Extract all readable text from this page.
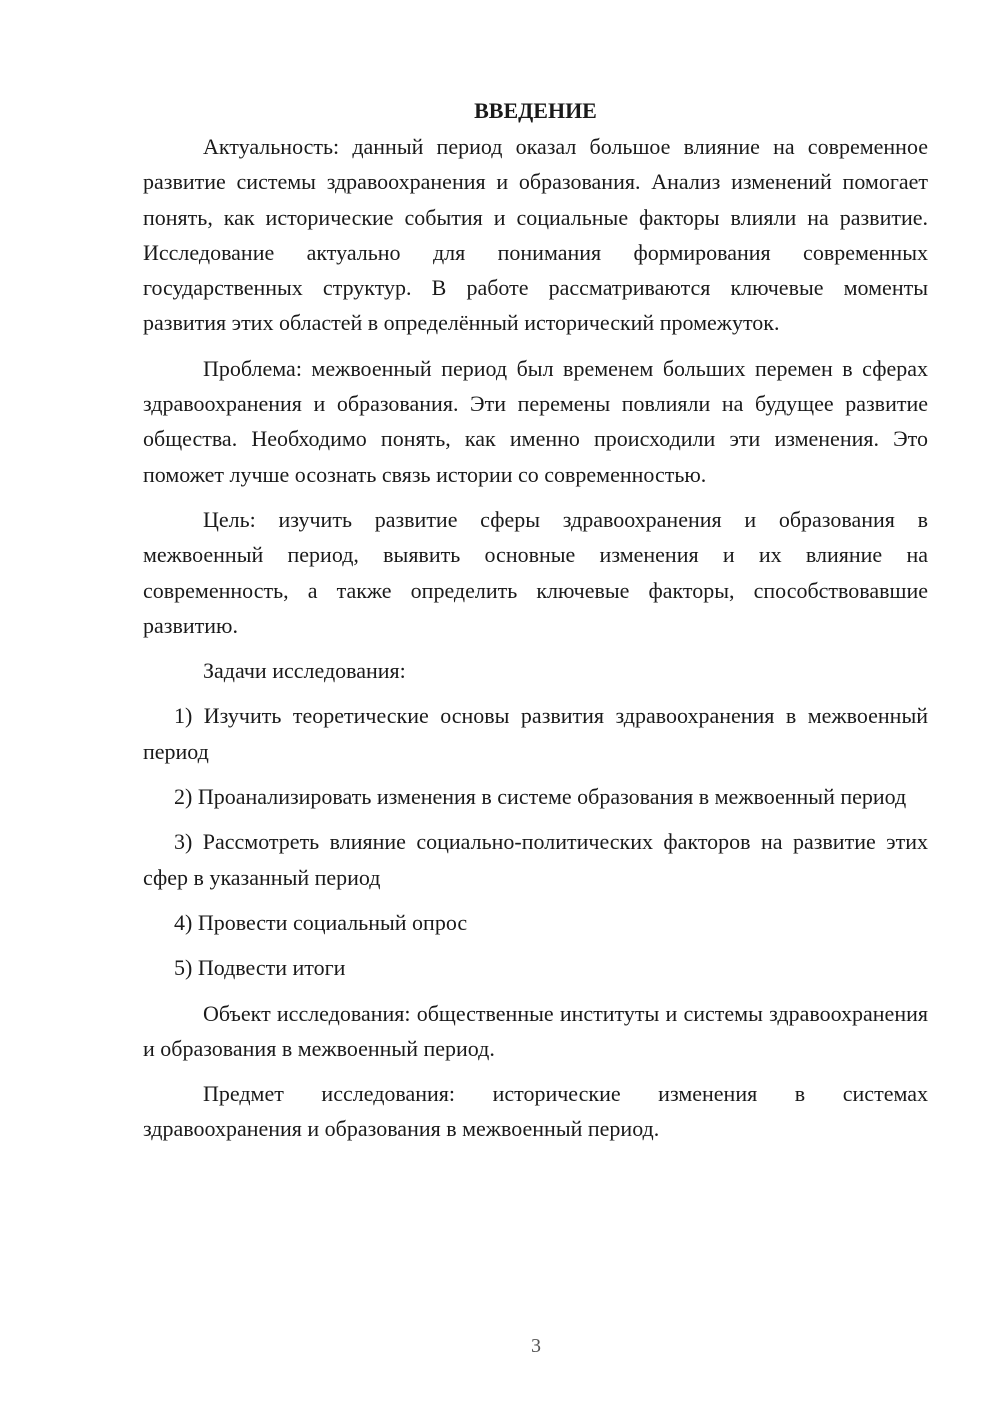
ВВЕДЕНИЕ

Актуальность: данный период оказал большое влияние на современное развитие системы здравоохранения и образования. Анализ изменений помогает понять, как исторические события и социальные факторы влияли на развитие. Исследование актуально для понимания формирования современных государственных структур. В работе рассматриваются ключевые моменты развития этих областей в определённый исторический промежуток.

Проблема: межвоенный период был временем больших перемен в сферах здравоохранения и образования. Эти перемены повлияли на будущее развитие общества. Необходимо понять, как именно происходили эти изменения. Это поможет лучше осознать связь истории со современностью.

Цель: изучить развитие сферы здравоохранения и образования в межвоенный период, выявить основные изменения и их влияние на современность, а также определить ключевые факторы, способствовавшие развитию.

Задачи исследования:

1) Изучить теоретические основы развития здравоохранения в межвоенный период

2) Проанализировать изменения в системе образования в межвоенный период

3) Рассмотреть влияние социально-политических факторов на развитие этих сфер в указанный период

4) Провести социальный опрос

5) Подвести итоги

Объект исследования: общественные институты и системы здравоохранения и образования в межвоенный период.

Предмет исследования: исторические изменения в системах здравоохранения и образования в межвоенный период.

3
